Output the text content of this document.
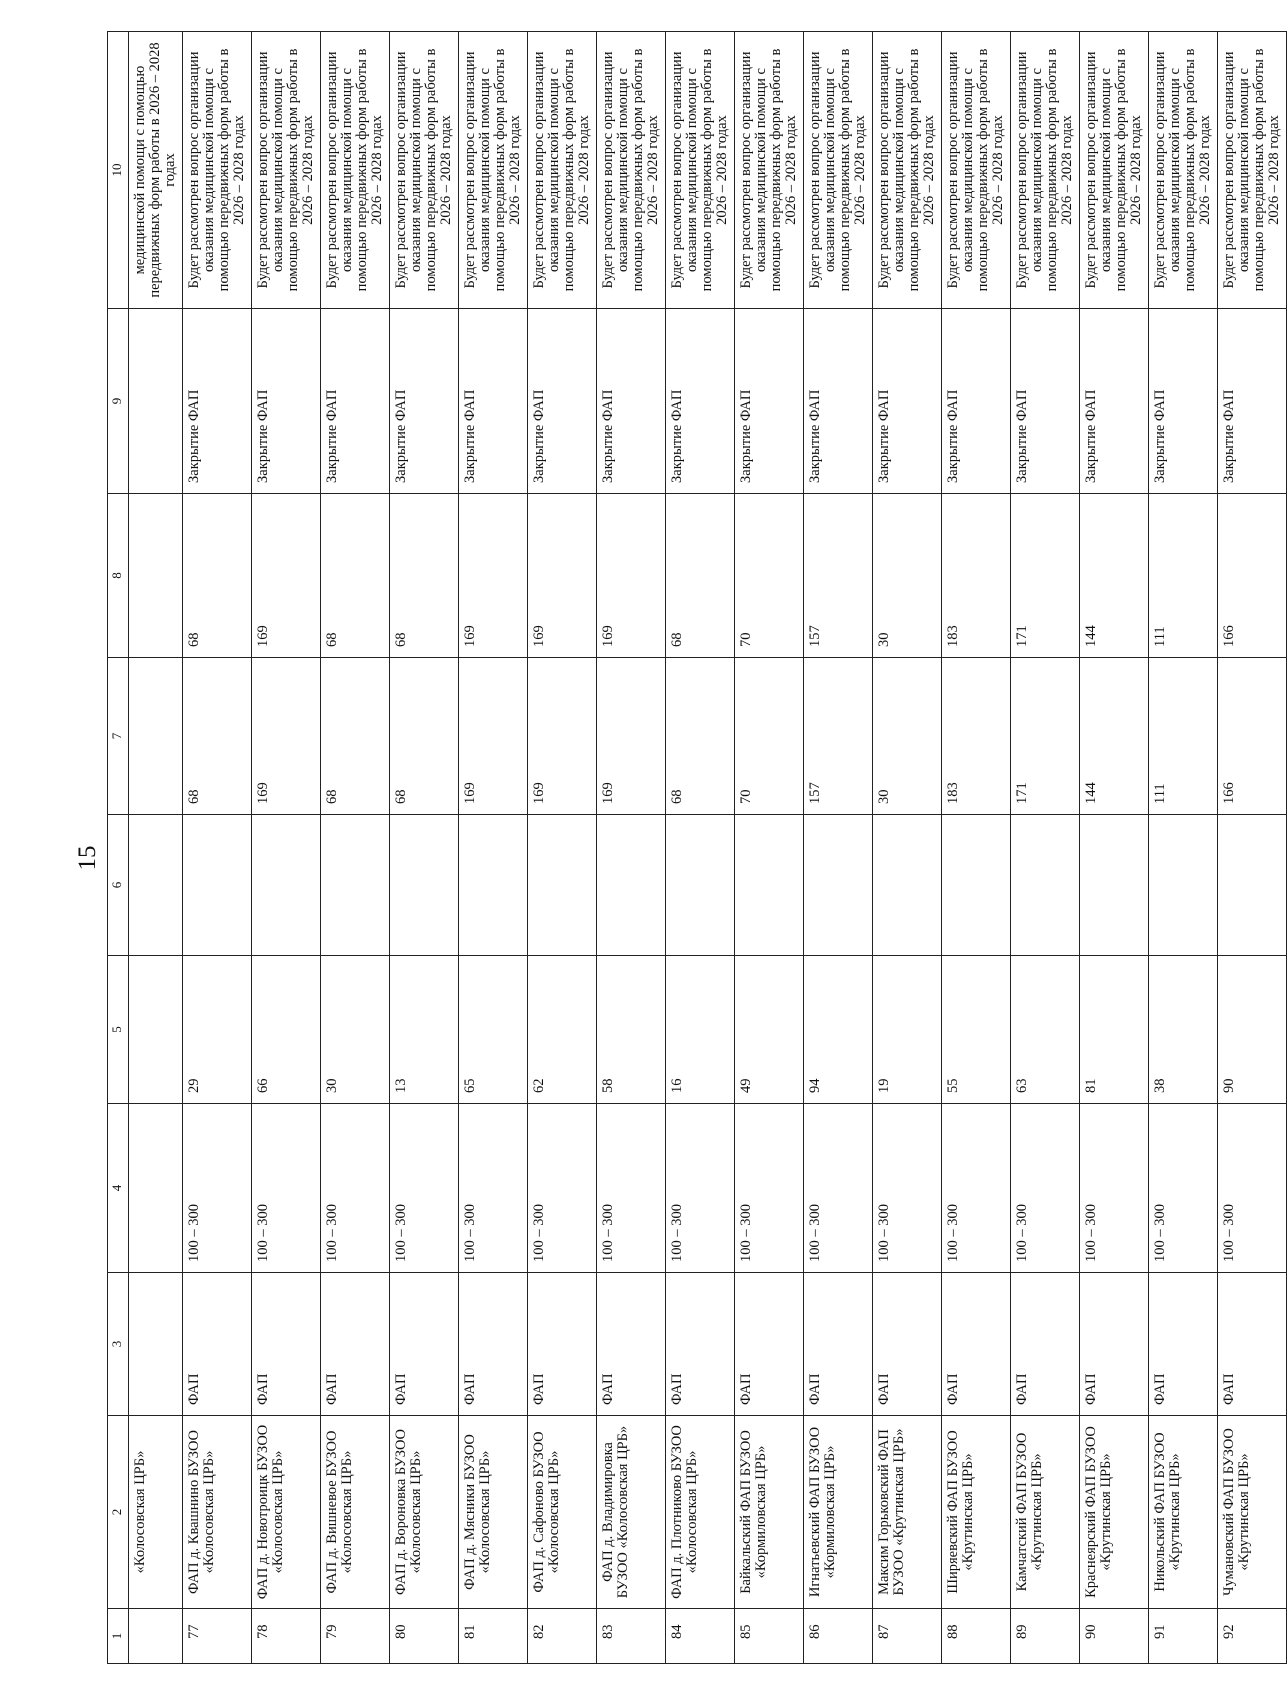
15
1	2	3	4	5	6	7	8	9	10
	«Колосовская ЦРБ»								медицинской помощи с помощью передвижных форм работы в 2026 – 2028 годах
77	ФАП д. Квашнино БУЗОО «Колосовская ЦРБ»	ФАП	100 – 300	29		68	68	Закрытие ФАП	Будет рассмотрен вопрос организации оказания медицинской помощи с помощью передвижных форм работы в 2026 – 2028 годах
78	ФАП д. Новотроицк БУЗОО «Колосовская ЦРБ»	ФАП	100 – 300	66		169	169	Закрытие ФАП	Будет рассмотрен вопрос организации оказания медицинской помощи с помощью передвижных форм работы в 2026 – 2028 годах
79	ФАП д. Вишневое БУЗОО «Колосовская ЦРБ»	ФАП	100 – 300	30		68	68	Закрытие ФАП	Будет рассмотрен вопрос организации оказания медицинской помощи с помощью передвижных форм работы в 2026 – 2028 годах
80	ФАП д. Вороновка БУЗОО «Колосовская ЦРБ»	ФАП	100 – 300	13		68	68	Закрытие ФАП	Будет рассмотрен вопрос организации оказания медицинской помощи с помощью передвижных форм работы в 2026 – 2028 годах
81	ФАП д. Мясники БУЗОО «Колосовская ЦРБ»	ФАП	100 – 300	65		169	169	Закрытие ФАП	Будет рассмотрен вопрос организации оказания медицинской помощи с помощью передвижных форм работы в 2026 – 2028 годах
82	ФАП д. Сафоново БУЗОО «Колосовская ЦРБ»	ФАП	100 – 300	62		169	169	Закрытие ФАП	Будет рассмотрен вопрос организации оказания медицинской помощи с помощью передвижных форм работы в 2026 – 2028 годах
83	ФАП д. Владимировка БУЗОО «Колосовская ЦРБ»	ФАП	100 – 300	58		169	169	Закрытие ФАП	Будет рассмотрен вопрос организации оказания медицинской помощи с помощью передвижных форм работы в 2026 – 2028 годах
84	ФАП д. Плотниково БУЗОО «Колосовская ЦРБ»	ФАП	100 – 300	16		68	68	Закрытие ФАП	Будет рассмотрен вопрос организации оказания медицинской помощи с помощью передвижных форм работы в 2026 – 2028 годах
85	Байкальский ФАП БУЗОО «Кормиловская ЦРБ»	ФАП	100 – 300	49		70	70	Закрытие ФАП	Будет рассмотрен вопрос организации оказания медицинской помощи с помощью передвижных форм работы в 2026 – 2028 годах
86	Игнатьевский ФАП БУЗОО «Кормиловская ЦРБ»	ФАП	100 – 300	94		157	157	Закрытие ФАП	Будет рассмотрен вопрос организации оказания медицинской помощи с помощью передвижных форм работы в 2026 – 2028 годах
87	Максим Горьковский ФАП БУЗОО «Крутинская ЦРБ»	ФАП	100 – 300	19		30	30	Закрытие ФАП	Будет рассмотрен вопрос организации оказания медицинской помощи с помощью передвижных форм работы в 2026 – 2028 годах
88	Ширяевский ФАП БУЗОО «Крутинская ЦРБ»	ФАП	100 – 300	55		183	183	Закрытие ФАП	Будет рассмотрен вопрос организации оказания медицинской помощи с помощью передвижных форм работы в 2026 – 2028 годах
89	Камчатский ФАП БУЗОО «Крутинская ЦРБ»	ФАП	100 – 300	63		171	171	Закрытие ФАП	Будет рассмотрен вопрос организации оказания медицинской помощи с помощью передвижных форм работы в 2026 – 2028 годах
90	Краснеярский ФАП БУЗОО «Крутинская ЦРБ»	ФАП	100 – 300	81		144	144	Закрытие ФАП	Будет рассмотрен вопрос организации оказания медицинской помощи с помощью передвижных форм работы в 2026 – 2028 годах
91	Никольский ФАП БУЗОО «Крутинская ЦРБ»	ФАП	100 – 300	38		111	111	Закрытие ФАП	Будет рассмотрен вопрос организации оказания медицинской помощи с помощью передвижных форм работы в 2026 – 2028 годах
92	Чумановский ФАП БУЗОО «Крутинская ЦРБ»	ФАП	100 – 300	90		166	166	Закрытие ФАП	Будет рассмотрен вопрос организации оказания медицинской помощи с помощью передвижных форм работы в 2026 – 2028 годах
